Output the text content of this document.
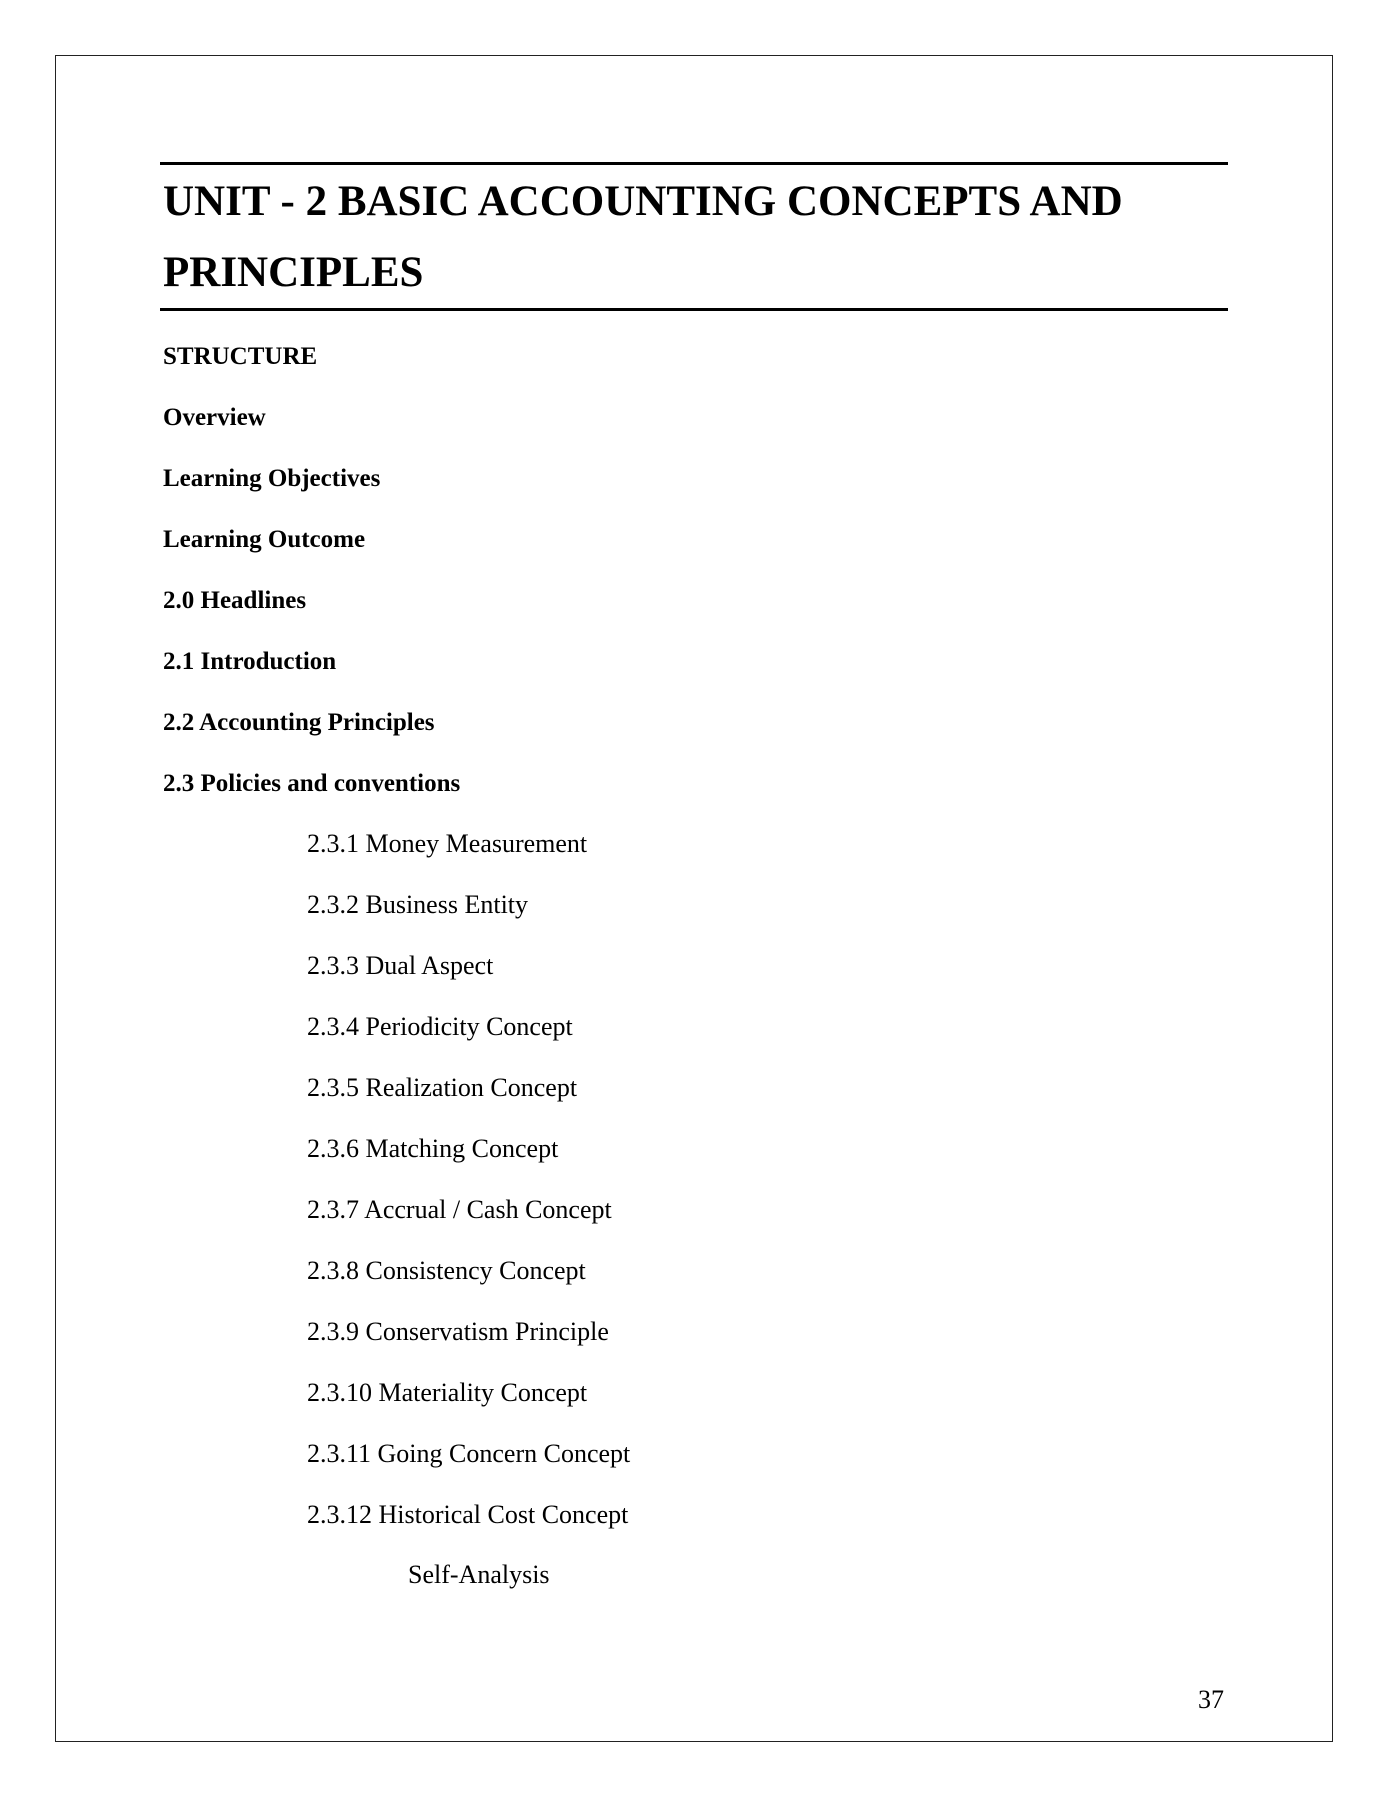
UNIT - 2 BASIC ACCOUNTING CONCEPTS AND PRINCIPLES

STRUCTURE

Overview

Learning Objectives

Learning Outcome

2.0 Headlines

2.1 Introduction

2.2 Accounting Principles

2.3 Policies and conventions

2.3.1 Money Measurement

2.3.2 Business Entity

2.3.3 Dual Aspect

2.3.4 Periodicity Concept

2.3.5 Realization Concept

2.3.6 Matching Concept

2.3.7 Accrual / Cash Concept

2.3.8 Consistency Concept

2.3.9 Conservatism Principle

2.3.10 Materiality Concept

2.3.11 Going Concern Concept

2.3.12 Historical Cost Concept

Self-Analysis

37
